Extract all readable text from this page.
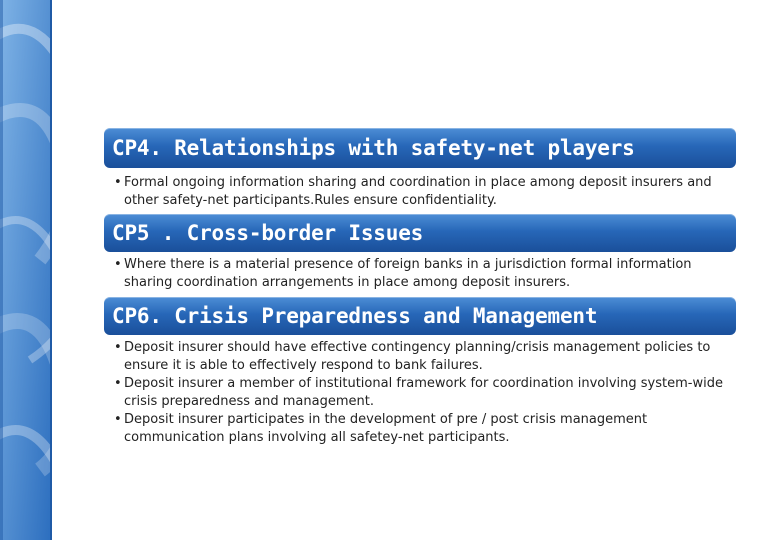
CP4. Relationships with safety-net players
• Formal ongoing information sharing and coordination in place among deposit insurers and other safety-net participants.Rules ensure confidentiality.
CP5 . Cross-border Issues
• Where there is a material presence of foreign banks in a jurisdiction formal information sharing coordination arrangements in place among deposit insurers.
CP6. Crisis Preparedness and Management
• Deposit insurer should have effective contingency planning/crisis management policies to ensure it is able to effectively respond to bank failures.
• Deposit insurer a member of institutional framework for coordination involving system-wide crisis preparedness and management.
• Deposit insurer participates in the development of pre / post crisis management communication plans involving all safetey-net participants.
